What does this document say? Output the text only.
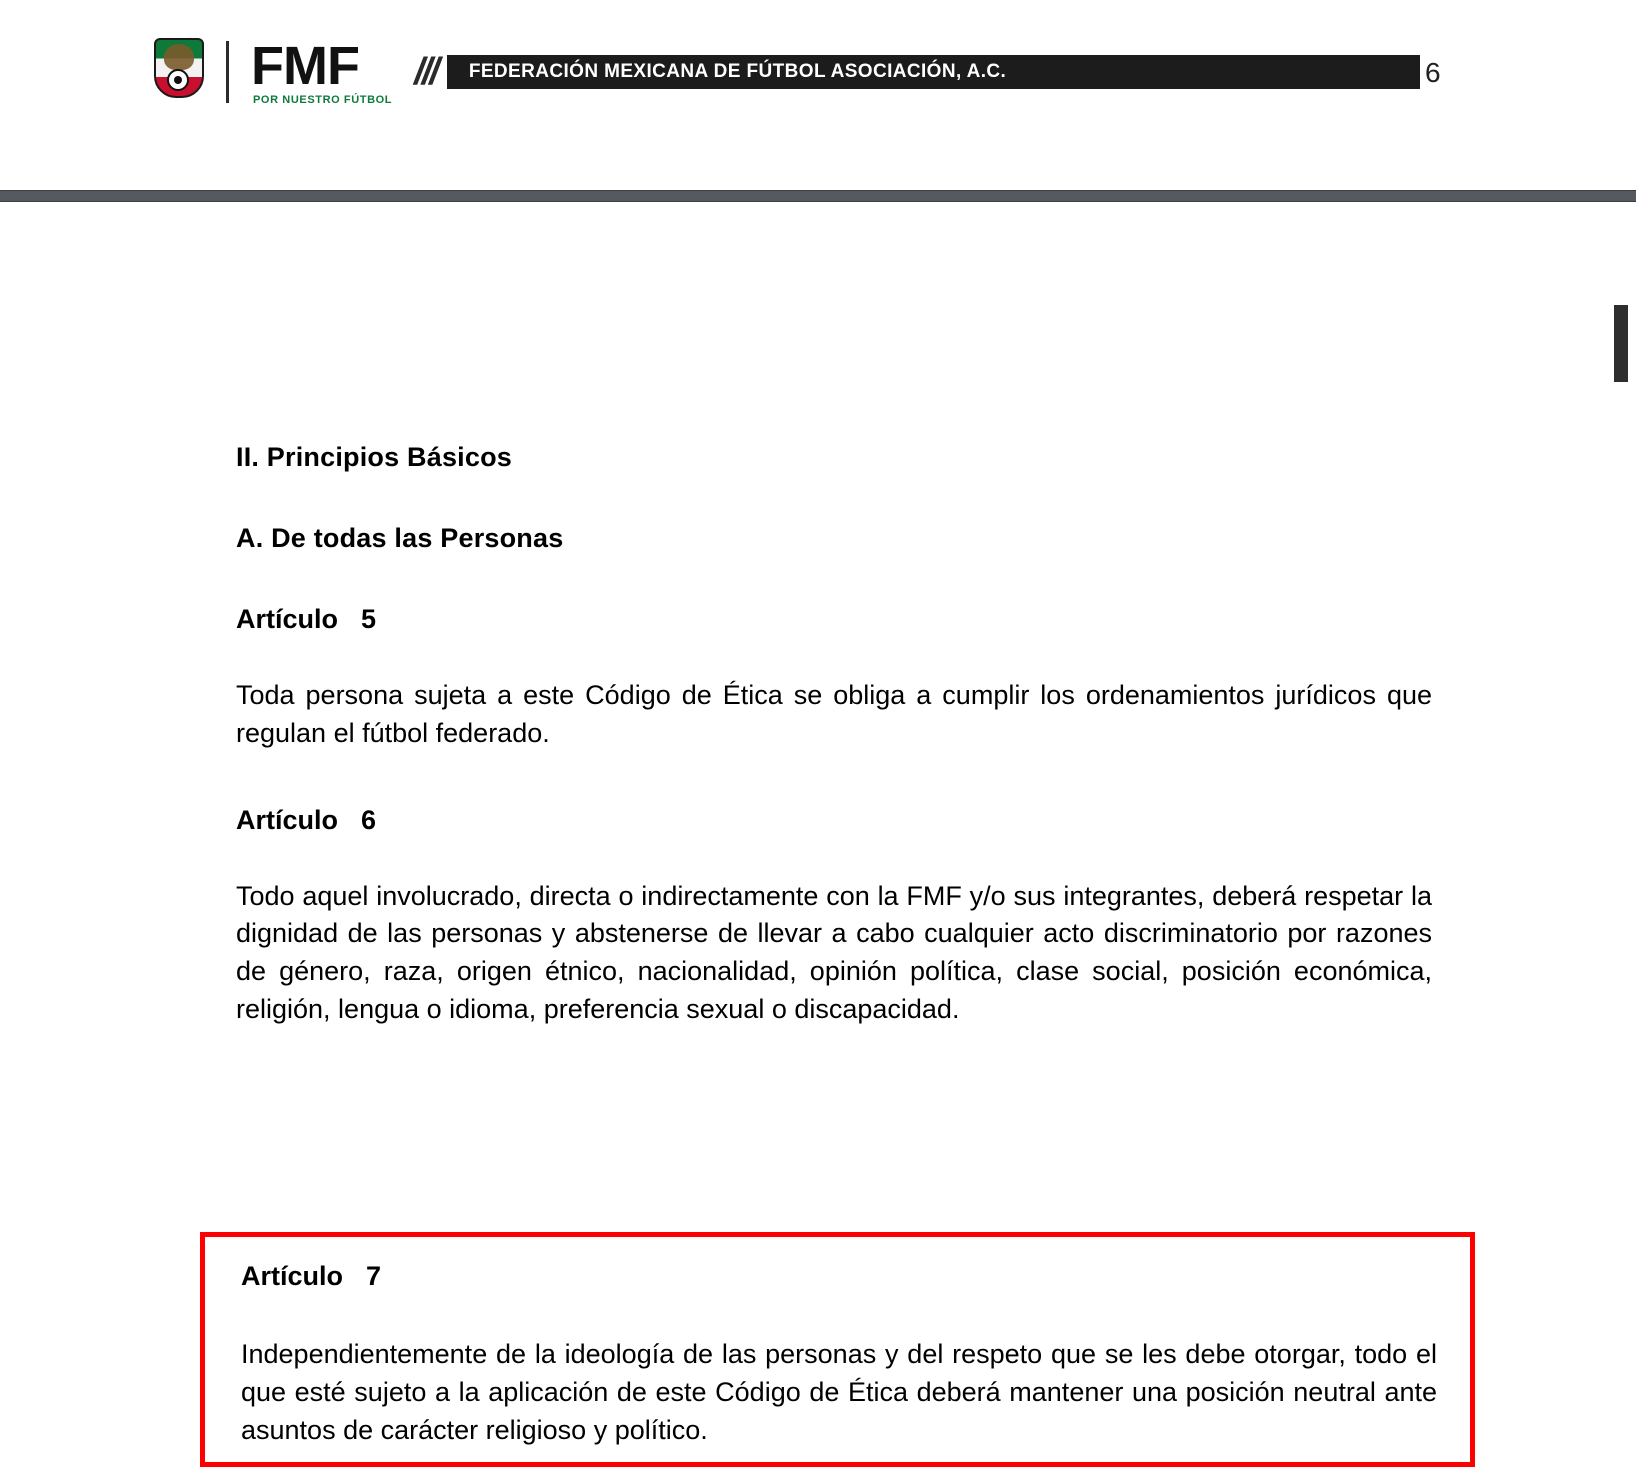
FMF
POR NUESTRO FÚTBOL
/// FEDERACIÓN MEXICANA DE FÚTBOL ASOCIACIÓN, A.C.	6
II. Principios Básicos
A. De todas las Personas
Artículo 5

Toda persona sujeta a este Código de Ética se obliga a cumplir los ordenamientos jurídicos que regulan el fútbol federado.

Artículo 6

Todo aquel involucrado, directa o indirectamente con la FMF y/o sus integrantes, deberá respetar la dignidad de las personas y abstenerse de llevar a cabo cualquier acto discriminatorio por razones de género, raza, origen étnico, nacionalidad, opinión política, clase social, posición económica, religión, lengua o idioma, preferencia sexual o discapacidad.

Artículo 7

Independientemente de la ideología de las personas y del respeto que se les debe otorgar, todo el que esté sujeto a la aplicación de este Código de Ética deberá mantener una posición neutral ante asuntos de carácter religioso y político.
